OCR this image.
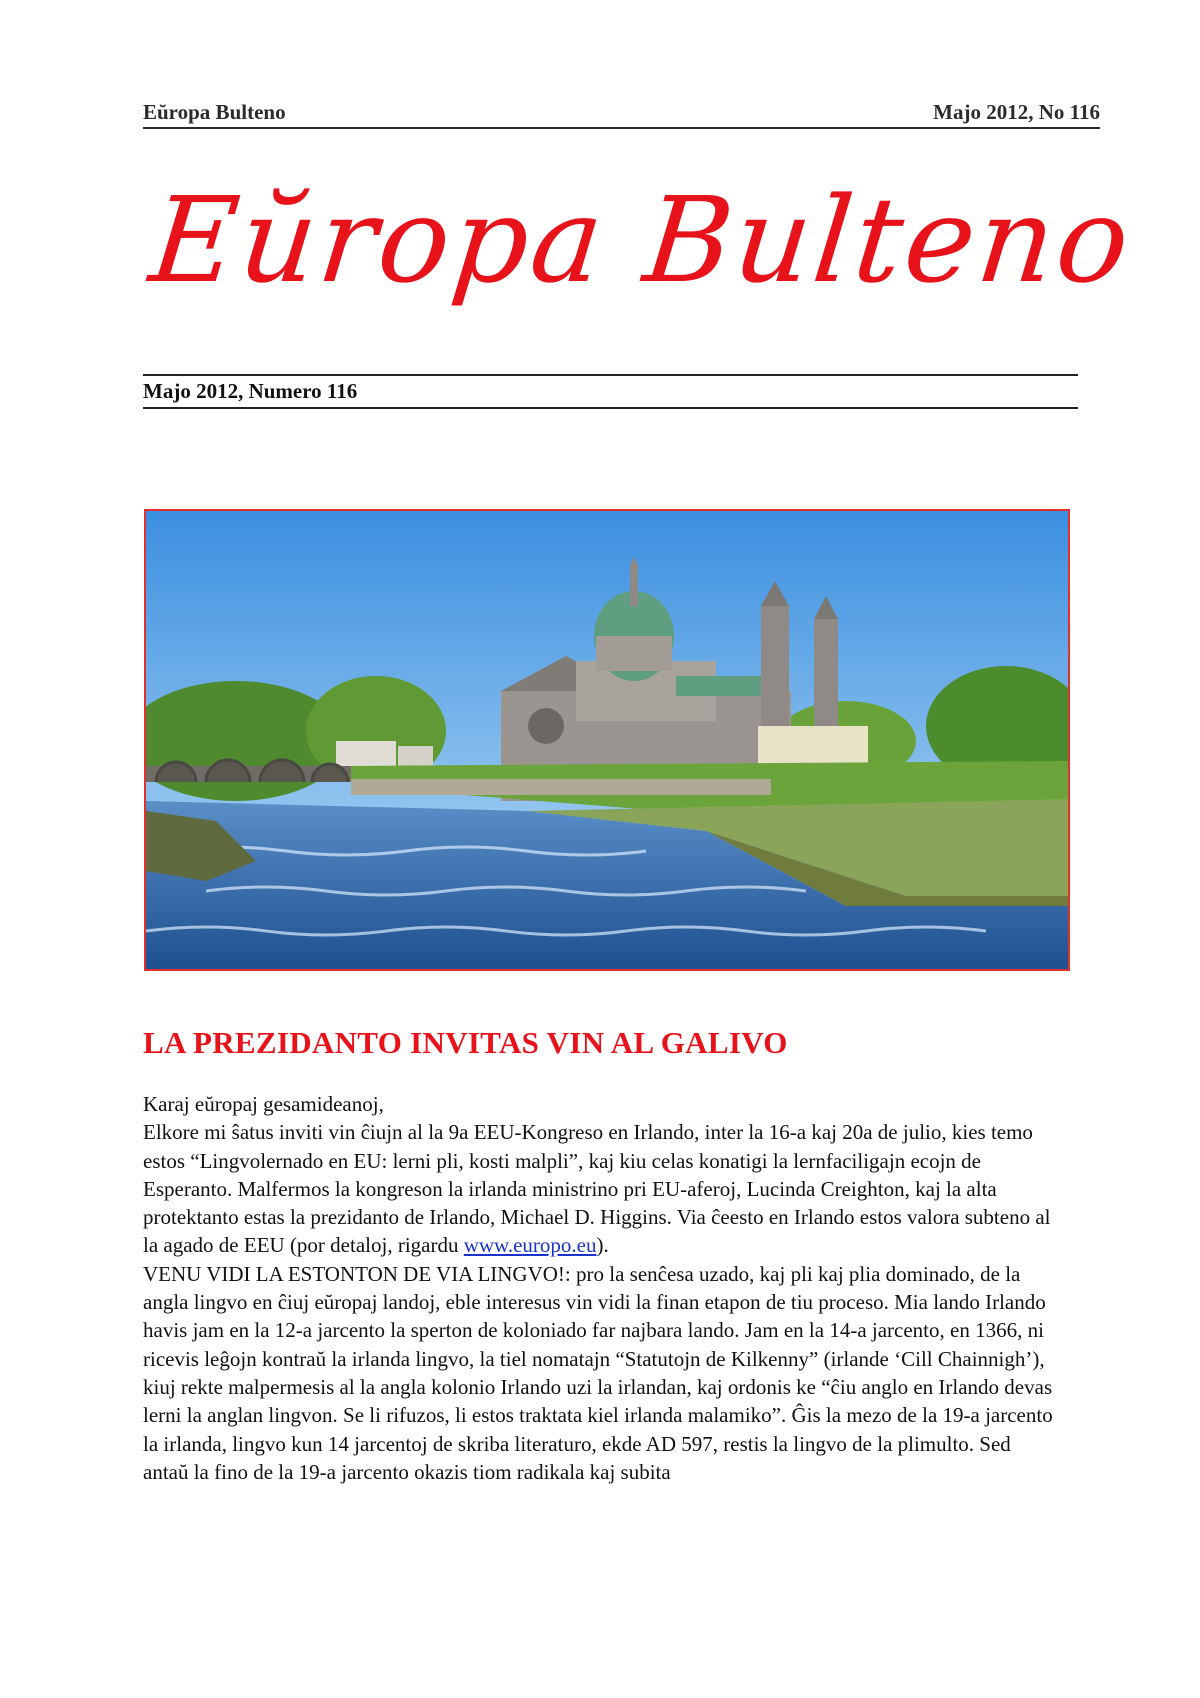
Eŭropa Bulteno	Majo 2012, No 116
Eŭropa Bulteno
Majo 2012, Numero 116
LA PREZIDANTO INVITAS VIN AL GALIVO

Karaj eŭropaj gesamideanoj,

Elkore mi ŝatus inviti vin ĉiujn al la 9a EEU-Kongreso en Irlando, inter la 16-a kaj 20a de julio, kies temo estos “Lingvolernado en EU: lerni pli, kosti malpli”, kaj kiu celas konatigi la lernfaciligajn ecojn de Esperanto. Malfermos la kongreson la irlanda ministrino pri EU-aferoj, Lucinda Creighton, kaj la alta protektanto estas la prezidanto de Irlando, Michael D. Higgins. Via ĉeesto en Irlando estos valora subteno al la agado de EEU (por detaloj, rigardu www.europo.eu).

VENU VIDI LA ESTONTON DE VIA LINGVO!: pro la senĉesa uzado, kaj pli kaj plia dominado, de la angla lingvo en ĉiuj eŭropaj landoj, eble interesus vin vidi la finan etapon de tiu proceso. Mia lando Irlando havis jam en la 12-a jarcento la sperton de koloniado far najbara lando. Jam en la 14-a jarcento, en 1366, ni ricevis leĝojn kontraŭ la irlanda lingvo, la tiel nomatajn “Statutojn de Kilkenny” (irlande ‘Cill Chainnigh’), kiuj rekte malpermesis al la angla kolonio Irlando uzi la irlandan, kaj ordonis ke “ĉiu anglo en Irlando devas lerni la anglan lingvon. Se li rifuzos, li estos traktata kiel irlanda malamiko”. Ĝis la mezo de la 19-a jarcento la irlanda, lingvo kun 14 jarcentoj de skriba literaturo, ekde AD 597, restis la lingvo de la plimulto. Sed antaŭ la fino de la 19-a jarcento okazis tiom radikala kaj subita
